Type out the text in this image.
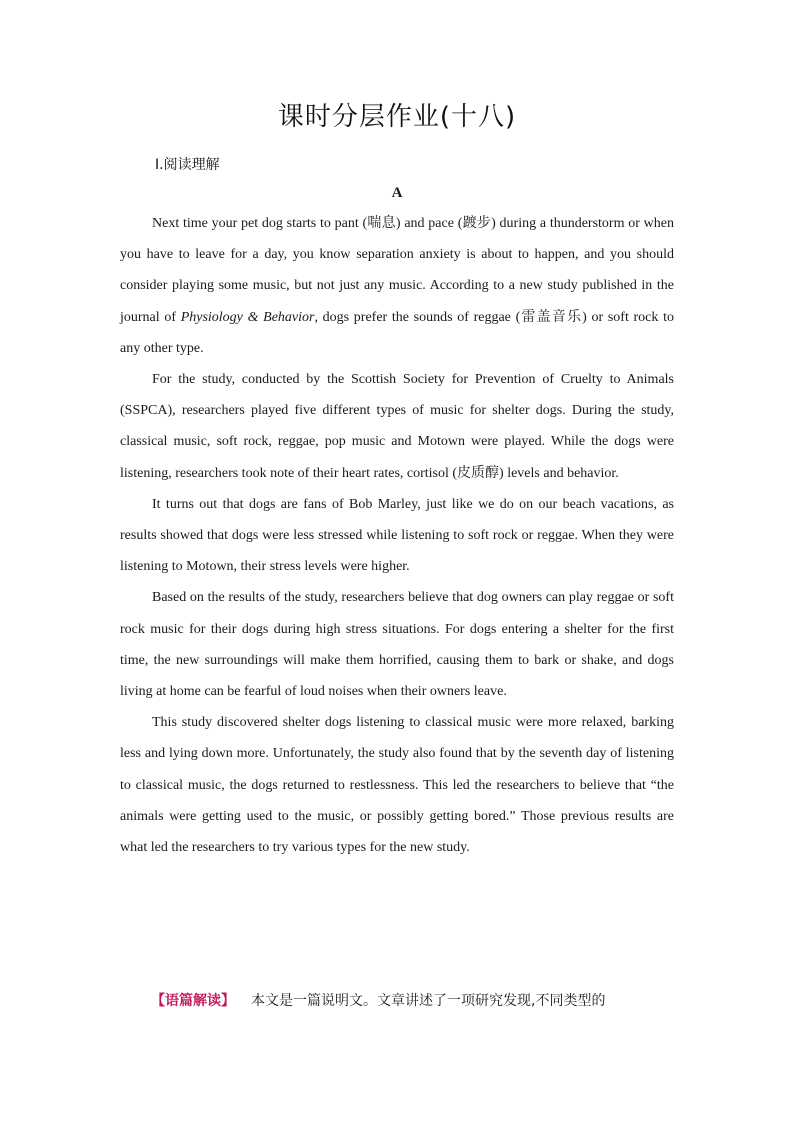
课时分层作业(十八)
Ⅰ.阅读理解
A

Next time your pet dog starts to pant (喘息) and pace (踱步) during a thunderstorm or when you have to leave for a day, you know separation anxiety is about to happen, and you should consider playing some music, but not just any music. According to a new study published in the journal of Physiology & Behavior, dogs prefer the sounds of reggae (雷盖音乐) or soft rock to any other type.

For the study, conducted by the Scottish Society for Prevention of Cruelty to Animals (SSPCA), researchers played five different types of music for shelter dogs. During the study, classical music, soft rock, reggae, pop music and Motown were played. While the dogs were listening, researchers took note of their heart rates, cortisol (皮质醇) levels and behavior.

It turns out that dogs are fans of Bob Marley, just like we do on our beach vacations, as results showed that dogs were less stressed while listening to soft rock or reggae. When they were listening to Motown, their stress levels were higher.

Based on the results of the study, researchers believe that dog owners can play reggae or soft rock music for their dogs during high stress situations. For dogs entering a shelter for the first time, the new surroundings will make them horrified, causing them to bark or shake, and dogs living at home can be fearful of loud noises when their owners leave.

This study discovered shelter dogs listening to classical music were more relaxed, barking less and lying down more. Unfortunately, the study also found that by the seventh day of listening to classical music, the dogs returned to restlessness. This led the researchers to believe that “the animals were getting used to the music, or possibly getting bored.” Those previous results are what led the researchers to try various types for the new study.

【语篇解读】 本文是一篇说明文。文章讲述了一项研究发现,不同类型的
